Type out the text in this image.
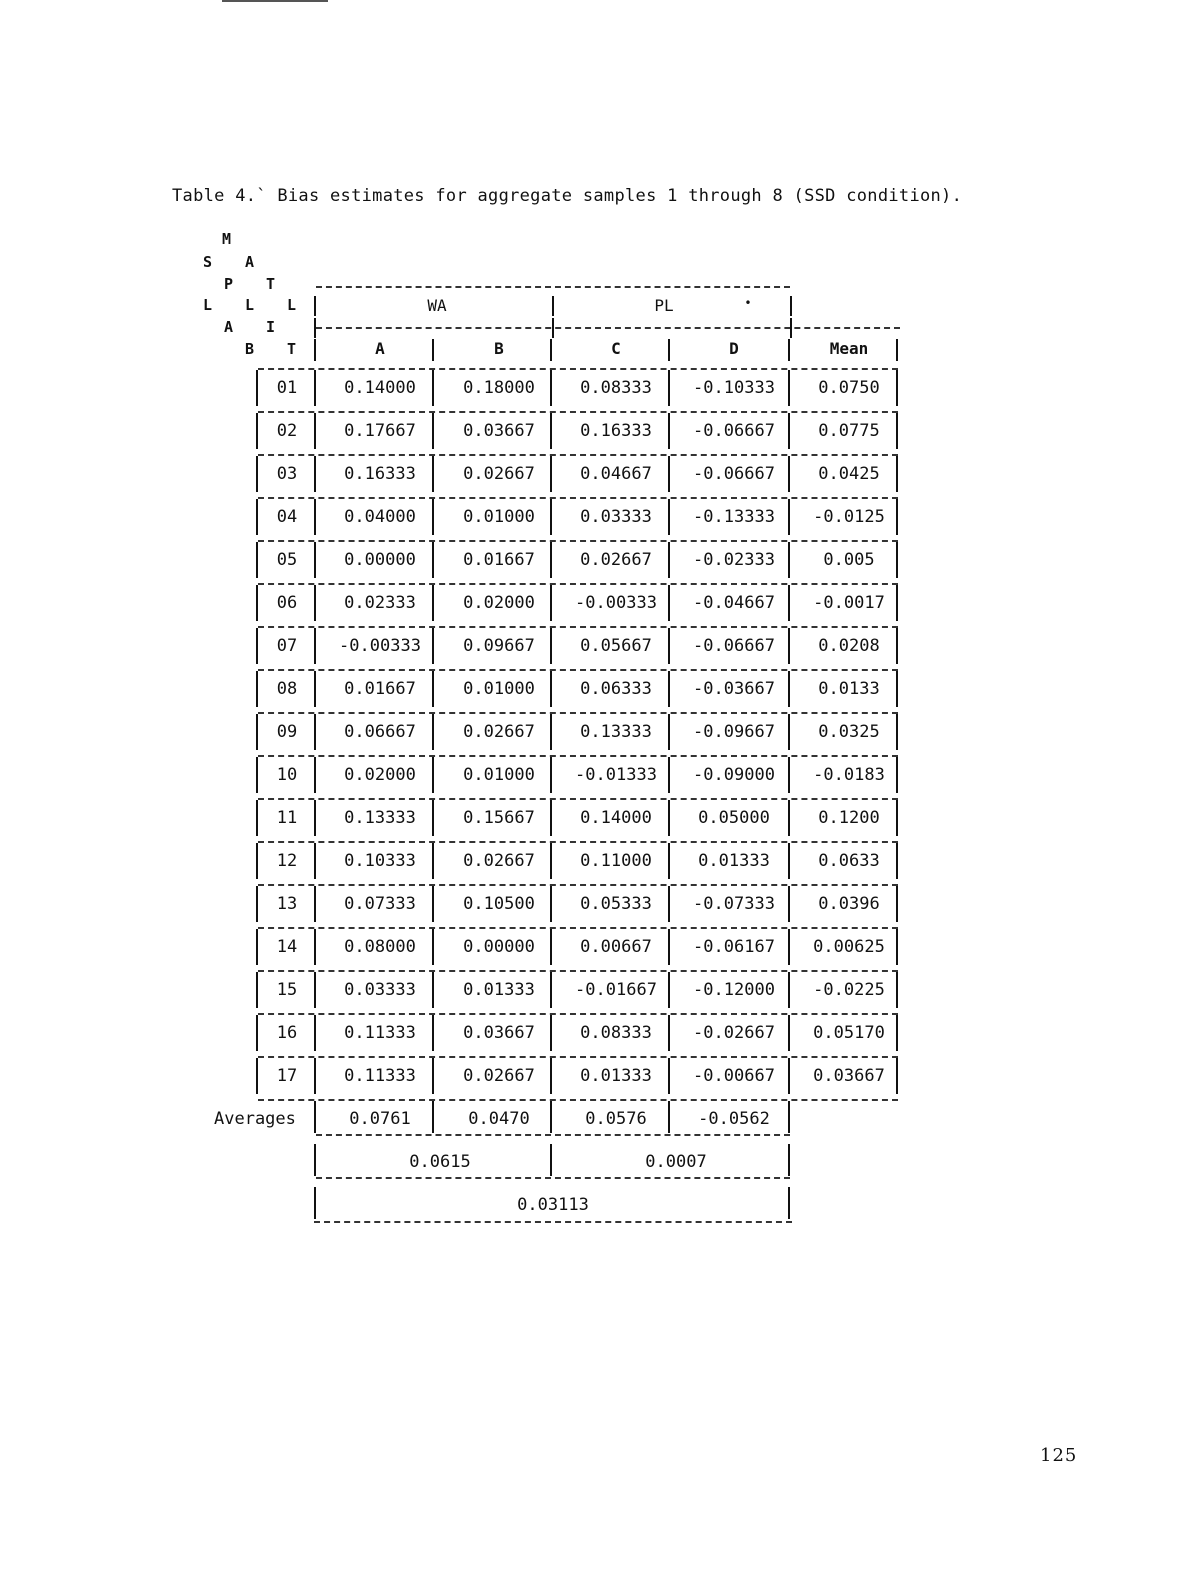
Table 4.` Bias estimates for aggregate samples 1 through 8 (SSD condition).
M
S A
P T
L L L
A I
B T
WA	PL	•
A	B	C	D	Mean
01	0.14000	0.18000	0.08333 -0.10333	0.0750
02	0.17667	0.03667	0.16333 -0.06667	0.0775
03	0.16333	0.02667	0.04667 -0.06667	0.0425
04	0.04000	0.01000	0.03333 -0.13333 -0.0125
05	0.00000	0.01667	0.02667 -0.02333	0.005
06	0.02333	0.02000 -0.00333 -0.04667 -0.0017
07 -0.00333 0.09667	0.05667 -0.06667	0.0208
08	0.01667	0.01000	0.06333 -0.03667	0.0133
09	0.06667	0.02667	0.13333 -0.09667	0.0325
10	0.02000	0.01000 -0.01333 -0.09000 -0.0183
11	0.13333	0.15667	0.14000	0.05000	0.1200
12	0.10333	0.02667	0.11000	0.01333	0.0633
13	0.07333	0.10500	0.05333 -0.07333	0.0396
14	0.08000	0.00000	0.00667 -0.06167 0.00625
15	0.03333	0.01333 -0.01667 -0.12000 -0.0225
16	0.11333	0.03667	0.08333 -0.02667 0.05170
17	0.11333	0.02667	0.01333 -0.00667 0.03667
Averages	0.0761	0.0470	0.0576	-0.0562
0.0615	0.0007
0.03113
125
